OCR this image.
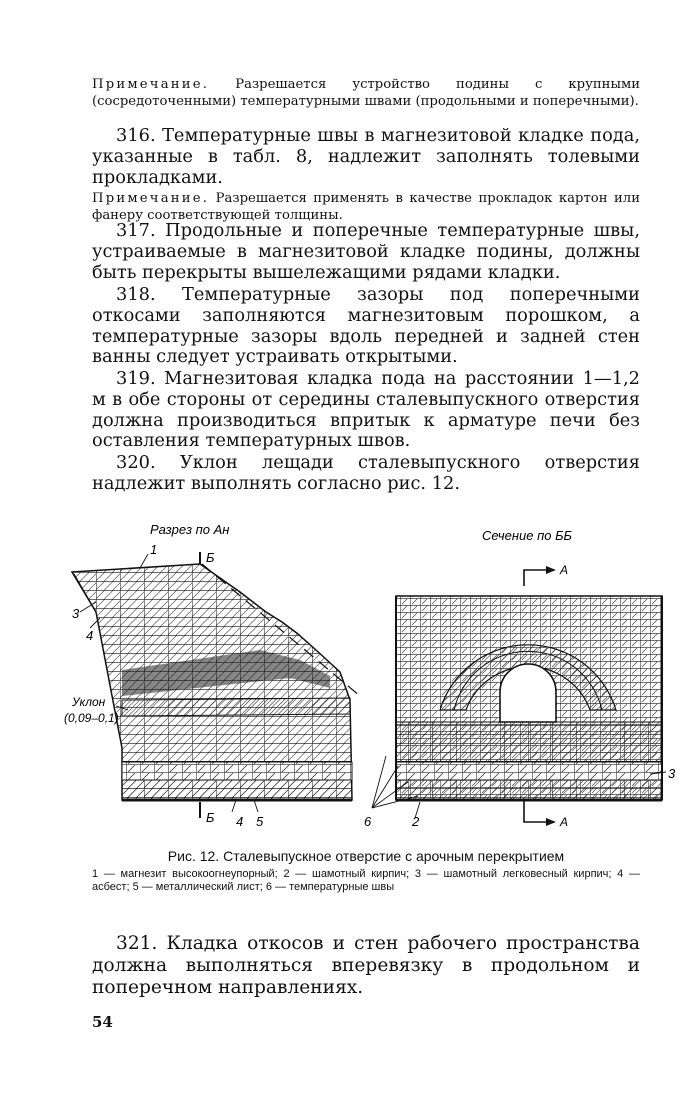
Примечание. Разрешается устройство подины с крупными (сосредоточенными) температурными швами (продольными и поперечными).
316. Температурные швы в магнезитовой кладке пода, указанные в табл. 8, надлежит заполнять толевыми прокладками.
Примечание. Разрешается применять в качестве прокладок картон или фанеру соответствующей толщины.
317. Продольные и поперечные температурные швы, устраиваемые в магнезитовой кладке подины, должны быть перекрыты вышележащими рядами кладки.
318. Температурные зазоры под поперечными откосами заполняются магнезитовым порошком, а температурные зазоры вдоль передней и задней стен ванны следует устраивать открытыми.
319. Магнезитовая кладка пода на расстоянии 1—1,2 м в обе стороны от середины сталевыпускного отверстия должна производиться впритык к арматуре печи без оставления температурных швов.
320. Уклон лещади сталевыпускного отверстия надлежит выполнять согласно рис. 12.
Разрез по Ан	Сечение по ББ
1
Б
3
4
Уклон
(0,09–0,1)
Б 4 5	6	2
3
А
А
Рис. 12. Сталевыпускное отверстие с арочным перекрытием
1 — магнезит высокоогнеупорный; 2 — шамотный кирпич; 3 — шамотный легковесный кирпич; 4 — асбест; 5 — металлический лист; 6 — температурные швы
321. Кладка откосов и стен рабочего пространства должна выполняться вперевязку в продольном и поперечном направлениях.
54
